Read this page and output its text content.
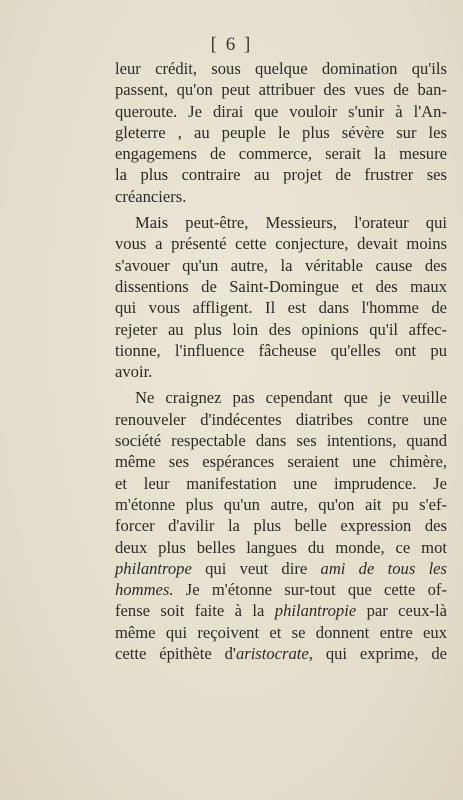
[ 6 ]
leur crédit, sous quelque domination qu'ils
passent, qu'on peut attribuer des vues de ban-
queroute. Je dirai que vouloir s'unir à l'An-
gleterre , au peuple le plus sévère sur les
engagemens de commerce, serait la mesure
la plus contraire au projet de frustrer ses
créanciers.
Mais peut-être, Messieurs, l'orateur qui
vous a présenté cette conjecture, devait moins
s'avouer qu'un autre, la véritable cause des
dissentions de Saint-Domingue et des maux
qui vous affligent. Il est dans l'homme de
rejeter au plus loin des opinions qu'il affec-
tionne, l'influence fâcheuse qu'elles ont pu
avoir.
Ne craignez pas cependant que je veuille
renouveler d'indécentes diatribes contre une
société respectable dans ses intentions, quand
même ses espérances seraient une chimère,
et leur manifestation une imprudence. Je
m'étonne plus qu'un autre, qu'on ait pu s'ef-
forcer d'avilir la plus belle expression des
deux plus belles langues du monde, ce mot
philantrope qui veut dire ami de tous les
hommes. Je m'étonne sur-tout que cette of-
fense soit faite à la philantropie par ceux-là
même qui reçoivent et se donnent entre eux
cette épithète d'aristocrate, qui exprime, de
